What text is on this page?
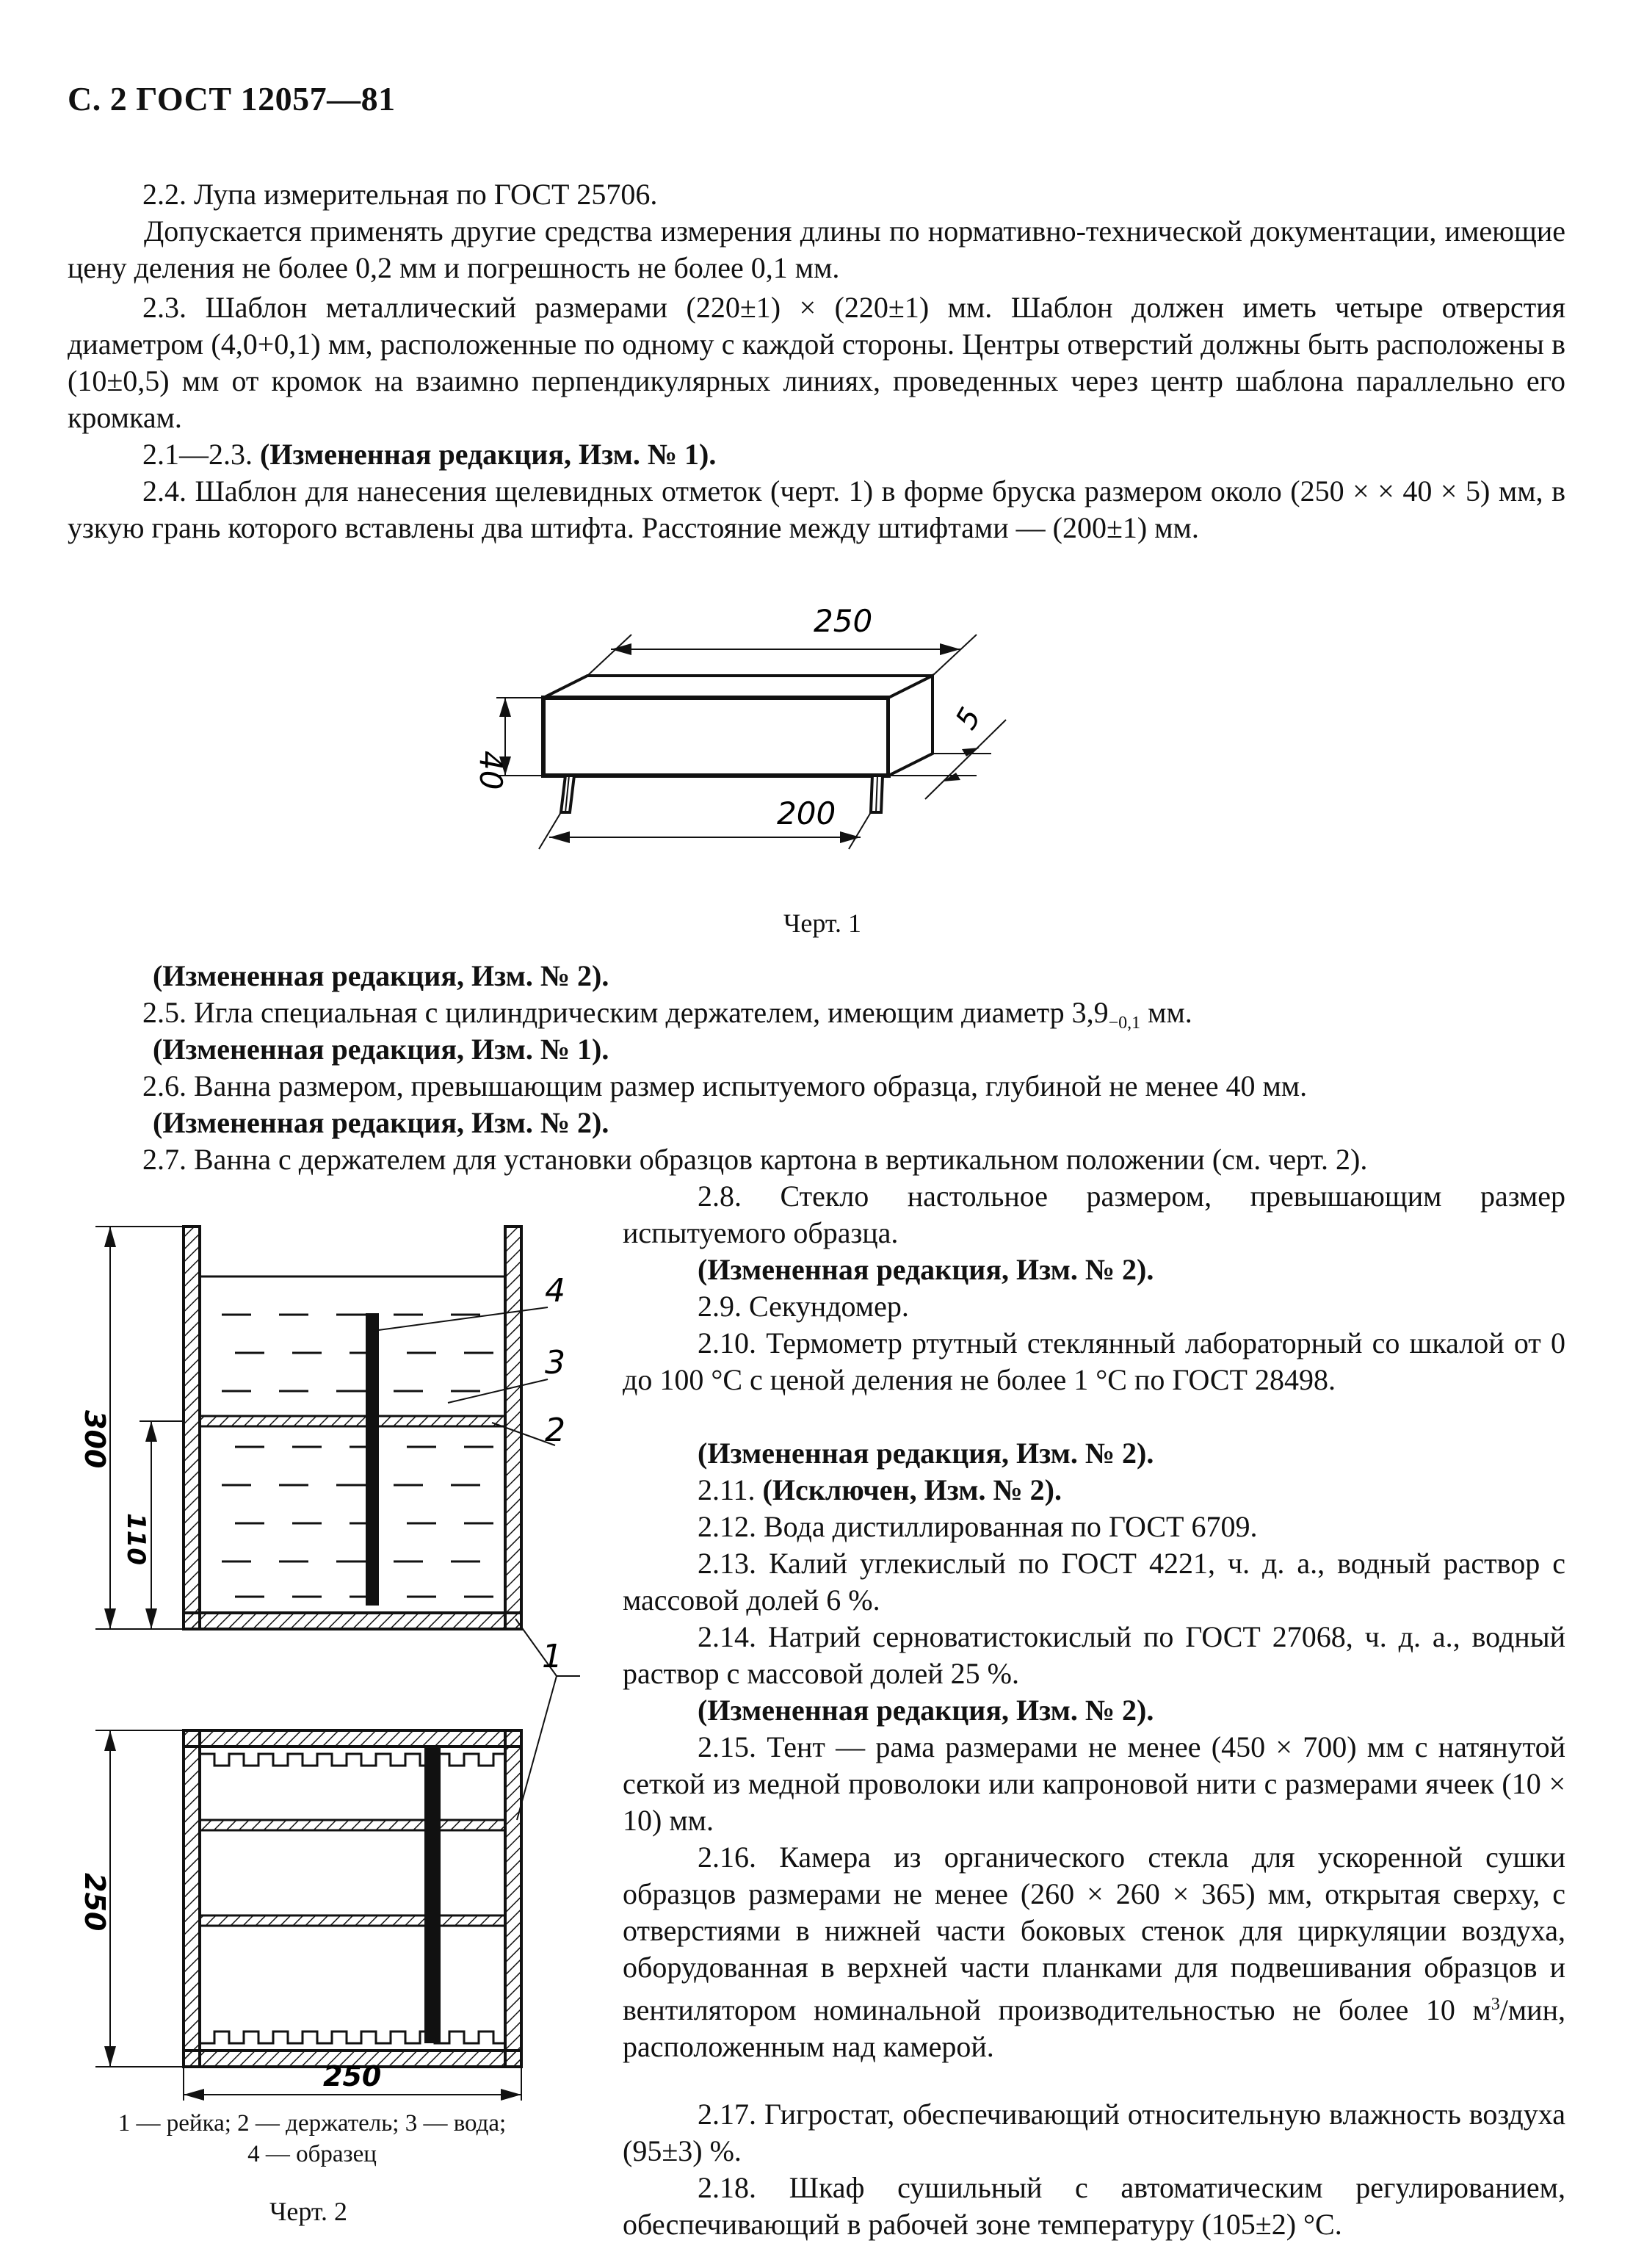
С. 2 ГОСТ 12057—81
2.2. Лупа измерительная по ГОСТ 25706.
Допускается применять другие средства измерения длины по нормативно-технической документации, имеющие цену деления не более 0,2 мм и погрешность не более 0,1 мм.
2.3. Шаблон металлический размерами (220±1) × (220±1) мм. Шаблон должен иметь четыре отверстия диаметром (4,0+0,1) мм, расположенные по одному с каждой стороны. Центры отверстий должны быть расположены в (10±0,5) мм от кромок на взаимно перпендикулярных линиях, проведенных через центр шаблона параллельно его кромкам.
2.1—2.3. (Измененная редакция, Изм. № 1).
2.4. Шаблон для нанесения щелевидных отметок (черт. 1) в форме бруска размером около (250 × × 40 × 5) мм, в узкую грань которого вставлены два штифта. Расстояние между штифтами — (200±1) мм.
250
40
5
200
Черт. 1
(Измененная редакция, Изм. № 2).
2.5. Игла специальная с цилиндрическим держателем, имеющим диаметр $3,9_{-0,1}$ мм.
(Измененная редакция, Изм. № 1).
2.6. Ванна размером, превышающим размер испытуемого образца, глубиной не менее 40 мм.
(Измененная редакция, Изм. № 2).
2.7. Ванна с держателем для установки образцов картона в вертикальном положении (см. черт. 2).
2.8. Стекло настольное размером, превышающим размер испытуемого образца.
(Измененная редакция, Изм. № 2).
2.9. Секундомер.
2.10. Термометр ртутный стеклянный лабораторный со шкалой от 0 до 100 °С с ценой деления не более 1 °С по ГОСТ 28498.
(Измененная редакция, Изм. № 2).
2.11. (Исключен, Изм. № 2).
2.12. Вода дистиллированная по ГОСТ 6709.
2.13. Калий углекислый по ГОСТ 4221, ч. д. а., водный раствор с массовой долей 6 %.
2.14. Натрий серноватистокислый по ГОСТ 27068, ч. д. а., водный раствор с массовой долей 25 %.
(Измененная редакция, Изм. № 2).
2.15. Тент — рама размерами не менее (450 × 700) мм с натянутой сеткой из медной проволоки или капроновой нити с размерами ячеек (10 × 10) мм.
2.16. Камера из органического стекла для ускоренной сушки образцов размерами не менее (260 × 260 × 365) мм, открытая сверху, с отверстиями в нижней части боковых стенок для циркуляции воздуха, оборудованная в верхней части планками для подвешивания образцов и вентилятором номинальной производительностью не более 10 $м^3$/мин, расположенным над камерой.
2.17. Гигростат, обеспечивающий относительную влажность воздуха (95±3) %.
2.18. Шкаф сушильный с автоматическим регулированием, обеспечивающий в рабочей зоне температуру (105±2) °С.
300
110
250
250
4
3
2
1
1 — рейка; 2 — держатель; 3 — вода;
4 — образец
Черт. 2
